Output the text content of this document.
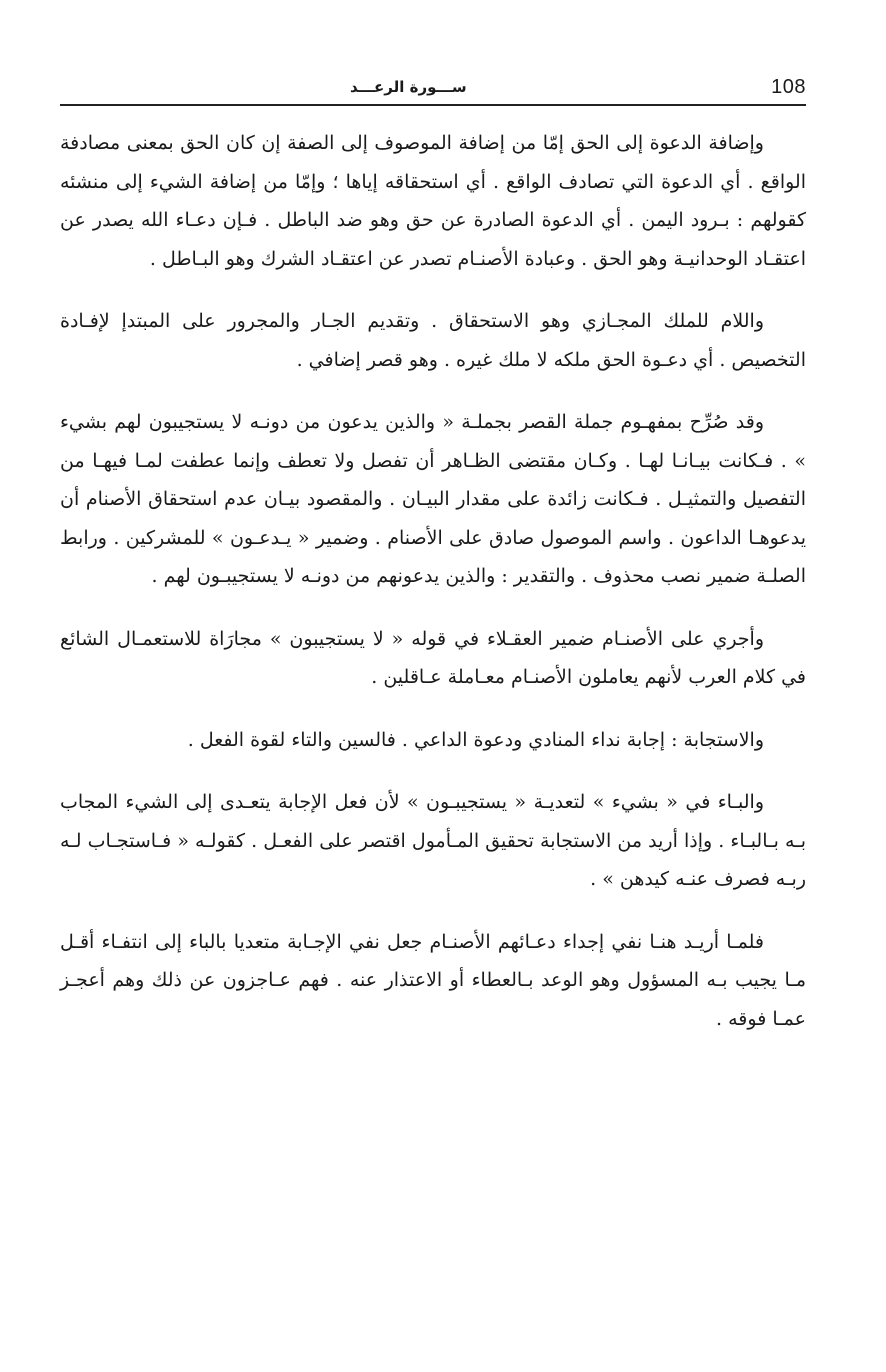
ســـورة الرعـــد	108

وإضافة الدعوة إلى الحق إمّا من إضافة الموصوف إلى الصفة إن كان الحق بمعنى مصادفة الواقع . أي الدعوة التي تصادف الواقع . أي استحقاقه إياها ؛ وإمّا من إضافة الشيء إلى منشئه كقولهم : بـرود اليمن . أي الدعوة الصادرة عن حق وهو ضد الباطل . فـإن دعـاء الله يصدر عن اعتقـاد الوحدانيـة وهو الحق . وعبادة الأصنـام تصدر عن اعتقـاد الشرك وهو البـاطل .

واللام للملك المجـازي وهو الاستحقاق . وتقديم الجـار والمجرور على المبتدإ لإفـادة التخصيص . أي دعـوة الحق ملكه لا ملك غيره . وهو قصر إضافي .

وقد صُرِّح بمفهـوم جملة القصر بجملـة « والذين يدعون من دونـه لا يستجيبون لهم بشيء » . فـكانت بيـانـا لهـا . وكـان مقتضى الظـاهر أن تفصل ولا تعطف وإنما عطفت لمـا فيهـا من التفصيل والتمثيـل . فـكانت زائدة على مقدار البيـان . والمقصود بيـان عدم استحقاق الأصنام أن يدعوهـا الداعون . واسم الموصول صادق على الأصنام . وضمير « يـدعـون » للمشركين . ورابط الصلـة ضمير نصب محذوف . والتقدير : والذين يدعونهم من دونـه لا يستجيبـون لهم .

وأجري على الأصنـام ضمير العقـلاء في قوله « لا يستجيبون » مجارَاة للاستعمـال الشائع في كلام العرب لأنهم يعاملون الأصنـام معـاملة عـاقلين .

والاستجابة : إجابة نداء المنادي ودعوة الداعي . فالسين والتاء لقوة الفعل .

والبـاء في « بشيء » لتعديـة « يستجيبـون » لأن فعل الإجابة يتعـدى إلى الشيء المجاب بـه بـالبـاء . وإذا أريد من الاستجابة تحقيق المـأمول اقتصر على الفعـل . كقولـه « فـاستجـاب لـه ربـه فصرف عنـه كيدهن » .

فلمـا أريـد هنـا نفي إجداء دعـائهم الأصنـام جعل نفي الإجـابة متعديا بالباء إلى انتفـاء أقـل مـا يجيب بـه المسؤول وهو الوعد بـالعطاء أو الاعتذار عنه . فهم عـاجزون عن ذلك وهم أعجـز عمـا فوقه .
